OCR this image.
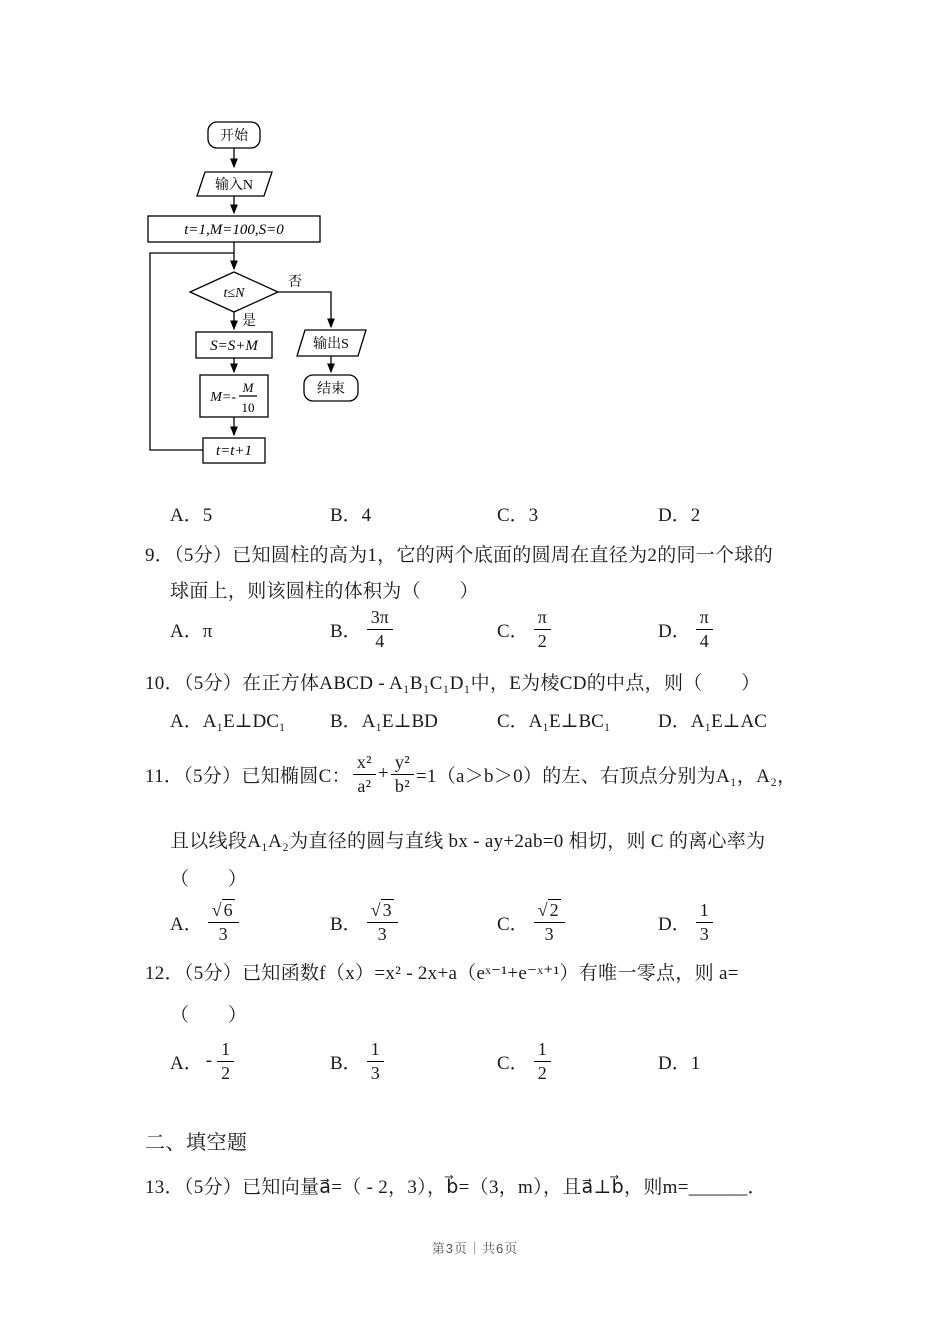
开始
输入N
t=1,M=100,S=0
t≤N
否
是
S=S+M
M=-
M
10
t=t+1
输出S
结束
A．5	B．4	C．3	D．2
9．（5分）已知圆柱的高为1，它的两个底面的圆周在直径为2的同一个球的
球面上，则该圆柱的体积为（　　）
A．π	B． $\frac{3\pi}{4}$	C． $\frac{\pi}{2}$	D． $\frac{\pi}{4}$
10．（5分）在正方体ABCD - A₁B₁C₁D₁中，E为棱CD的中点，则（　　）
A．A₁E⊥DC₁	B．A₁E⊥BD	C．A₁E⊥BC₁	D．A₁E⊥AC
11．（5分）已知椭圆C： $\frac{\text{x²}}{\text{a²}} + \frac{\text{y²}}{\text{b²}} =1(a>b>0)$的左、右顶点分别为A₁，A₂，
且以线段A₁A₂为直径的圆与直线 bx - ay+2ab=0 相切，则 C 的离心率为
（　　）
A． $\frac{√ 6}{3}$	B． $\frac{√ 3}{3}$	C． $\frac{√ 2}{3}$	D． $\frac{1}{3}$
12．（5分）已知函数f（x）=x² - 2x+a（eˣ⁻¹+e⁻ˣ⁺¹）有唯一零点，则 a=
（　　）
A． - $\frac{1}{2}$	B． $\frac{1}{3}$	C． $\frac{1}{2}$	D．1
二、填空题
13．（5分）已知向量a⃗=（ - 2，3），b⃗=（3，m），且a⃗⊥b⃗，则m=______．
第3页｜共6页
